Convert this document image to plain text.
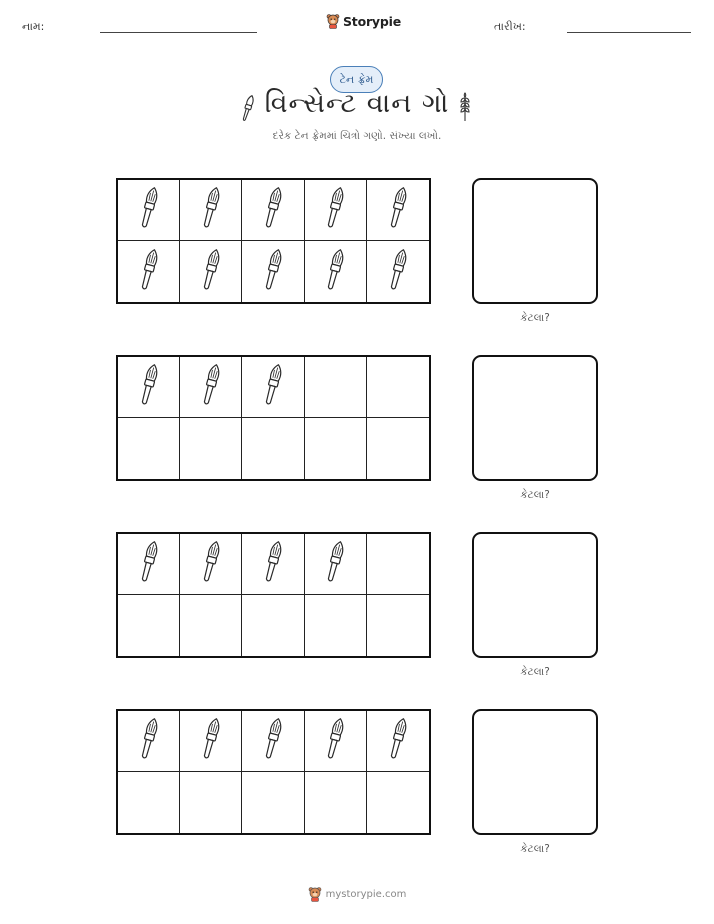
નામ:	Storypie	તારીખ:
ટેન ફ્રેમ
વિન્સેન્ટ વાન ગો
દરેક ટેન ફ્રેમમાં ચિત્રો ગણો. સંખ્યા લખો.
કેટલા?
કેટલા?
કેટલા?
કેટલા?
mystorypie.com
